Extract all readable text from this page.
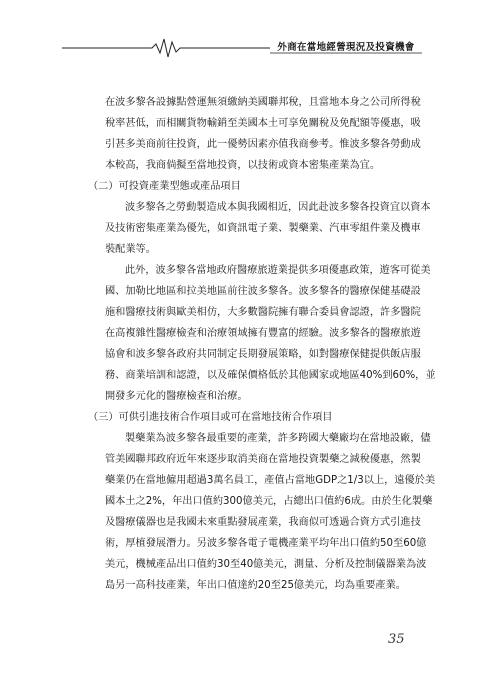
外商在當地經營現況及投資機會
在波多黎各設據點營運無須繳納美國聯邦稅，且當地本身之公司所得稅
稅率甚低，而相關貨物輸銷至美國本土可享免關稅及免配額等優惠，吸
引甚多美商前往投資，此一優勢因素亦值我商參考。惟波多黎各勞動成
本較高，我商倘擬至當地投資，以技術或資本密集產業為宜。
（二）可投資產業型態或產品項目
波多黎各之勞動製造成本與我國相近，因此赴波多黎各投資宜以資本
及技術密集產業為優先，如資訊電子業、製藥業、汽車零組件業及機車
裝配業等。
此外，波多黎各當地政府醫療旅遊業提供多項優惠政策，遊客可從美
國、加勒比地區和拉美地區前往波多黎各。波多黎各的醫療保健基礎設
施和醫療技術與歐美相仿，大多數醫院擁有聯合委員會認證，許多醫院
在高複雜性醫療檢查和治療領域擁有豐富的經驗。波多黎各的醫療旅遊
協會和波多黎各政府共同制定長期發展策略，如對醫療保健提供飯店服
務、商業培訓和認證，以及確保價格低於其他國家或地區40%到60%，並
開發多元化的醫療檢查和治療。
（三）可供引進技術合作項目或可在當地技術合作項目
製藥業為波多黎各最重要的產業，許多跨國大藥廠均在當地設廠，儘
管美國聯邦政府近年來逐步取消美商在當地投資製藥之減稅優惠，然製
藥業仍在當地僱用超過3萬名員工，產值占當地GDP之1/3以上，遠優於美
國本土之2%，年出口值約300億美元，占總出口值約6成。由於生化製藥
及醫療儀器也是我國未來重點發展產業，我商似可透過合資方式引進技
術，厚植發展潛力。另波多黎各電子電機產業平均年出口值約50至60億
美元，機械產品出口值約30至40億美元，測量、分析及控制儀器業為波
島另一高科技產業，年出口值達約20至25億美元，均為重要產業。
35
